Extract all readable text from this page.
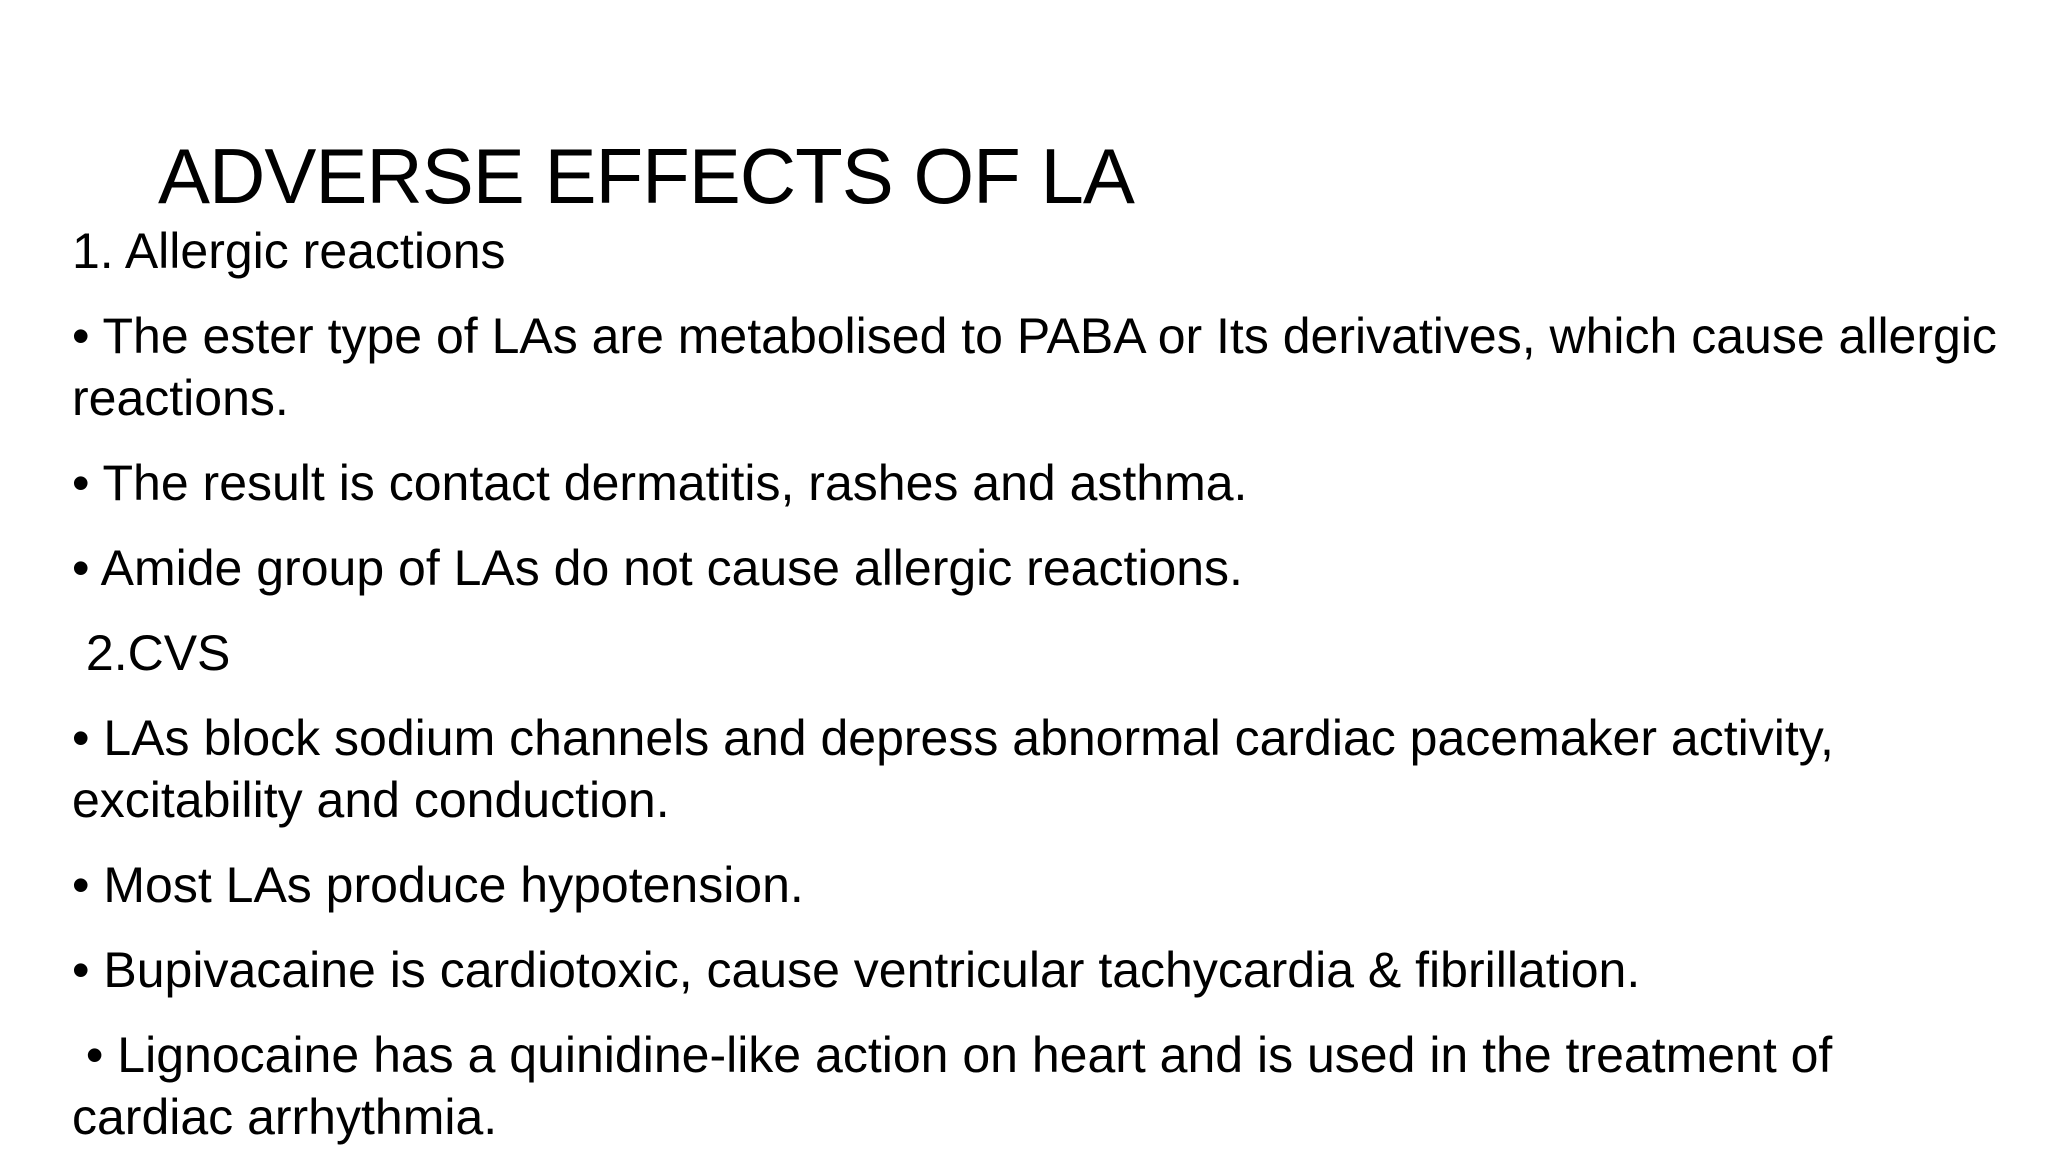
ADVERSE EFFECTS OF LA

1. Allergic reactions

• The ester type of LAs are metabolised to PABA or Its derivatives, which cause allergic reactions.

• The result is contact dermatitis, rashes and asthma.

• Amide group of LAs do not cause allergic reactions.

2.CVS

• LAs block sodium channels and depress abnormal cardiac pacemaker activity, excitability and conduction.

• Most LAs produce hypotension.

• Bupivacaine is cardiotoxic, cause ventricular tachycardia & fibrillation.

• Lignocaine has a quinidine-like action on heart and is used in the treatment of cardiac arrhythmia.
